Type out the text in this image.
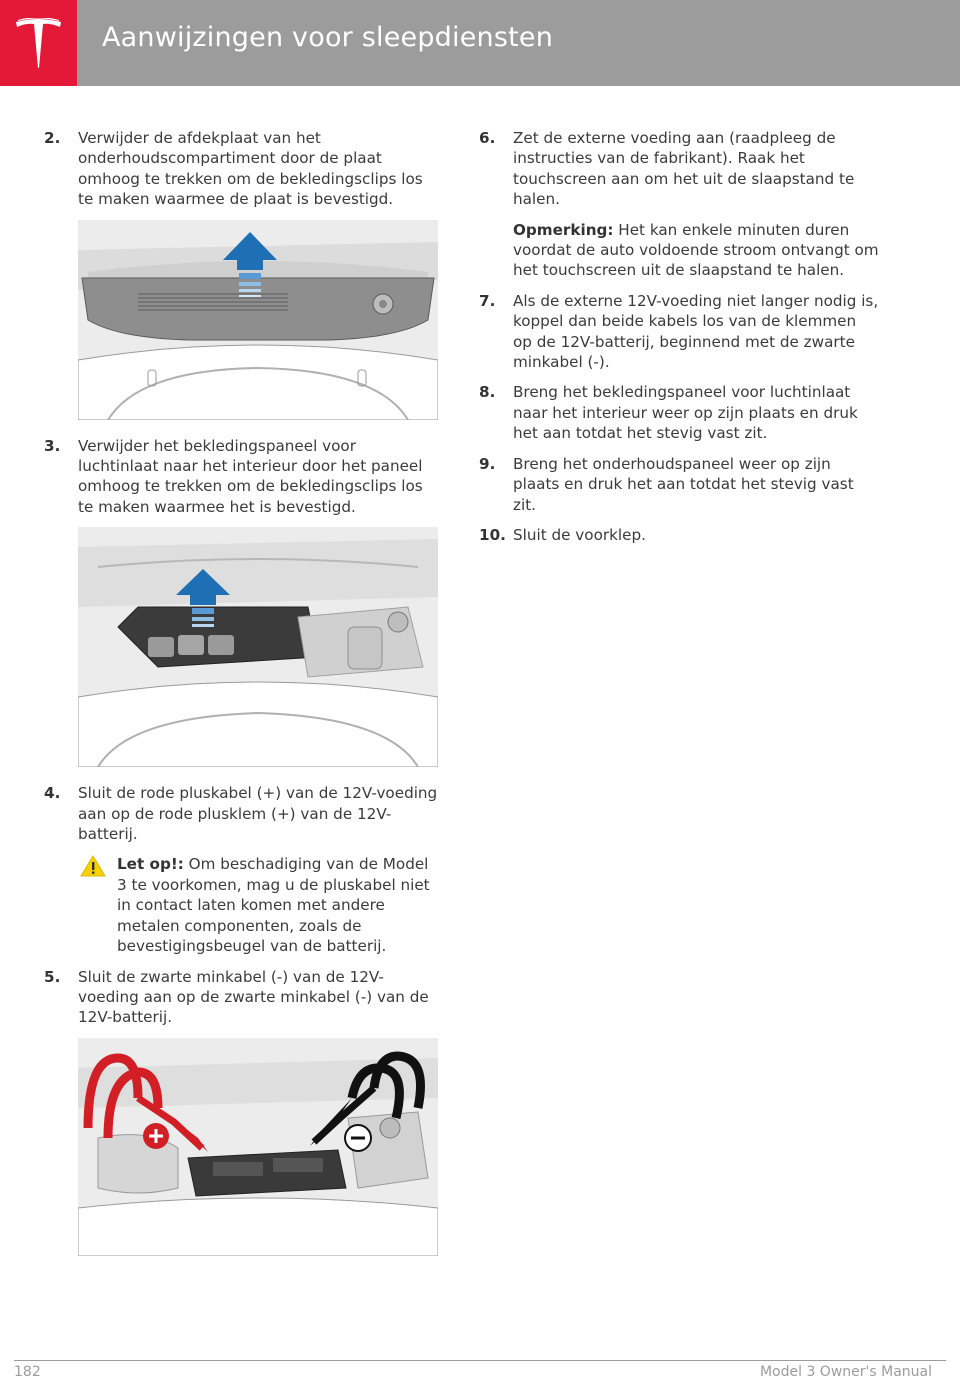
Aanwijzingen voor sleepdiensten
2. Verwijder de afdekplaat van het onderhoudscompartiment door de plaat omhoog te trekken om de bekledingsclips los te maken waarmee de plaat is bevestigd.
3. Verwijder het bekledingspaneel voor luchtinlaat naar het interieur door het paneel omhoog te trekken om de bekledingsclips los te maken waarmee het is bevestigd.
4. Sluit de rode pluskabel (+) van de 12V-voeding aan op de rode plusklem (+) van de 12V-batterij.
Let op!: Om beschadiging van de Model 3 te voorkomen, mag u de pluskabel niet in contact laten komen met andere metalen componenten, zoals de bevestigingsbeugel van de batterij.
5. Sluit de zwarte minkabel (-) van de 12V-voeding aan op de zwarte minkabel (-) van de 12V-batterij.
6. Zet de externe voeding aan (raadpleeg de instructies van de fabrikant). Raak het touchscreen aan om het uit de slaapstand te halen.
Opmerking: Het kan enkele minuten duren voordat de auto voldoende stroom ontvangt om het touchscreen uit de slaapstand te halen.
7. Als de externe 12V-voeding niet langer nodig is, koppel dan beide kabels los van de klemmen op de 12V-batterij, beginnend met de zwarte minkabel (-).
8. Breng het bekledingspaneel voor luchtinlaat naar het interieur weer op zijn plaats en druk het aan totdat het stevig vast zit.
9. Breng het onderhoudspaneel weer op zijn plaats en druk het aan totdat het stevig vast zit.
10. Sluit de voorklep.
182	Model 3 Owner's Manual
